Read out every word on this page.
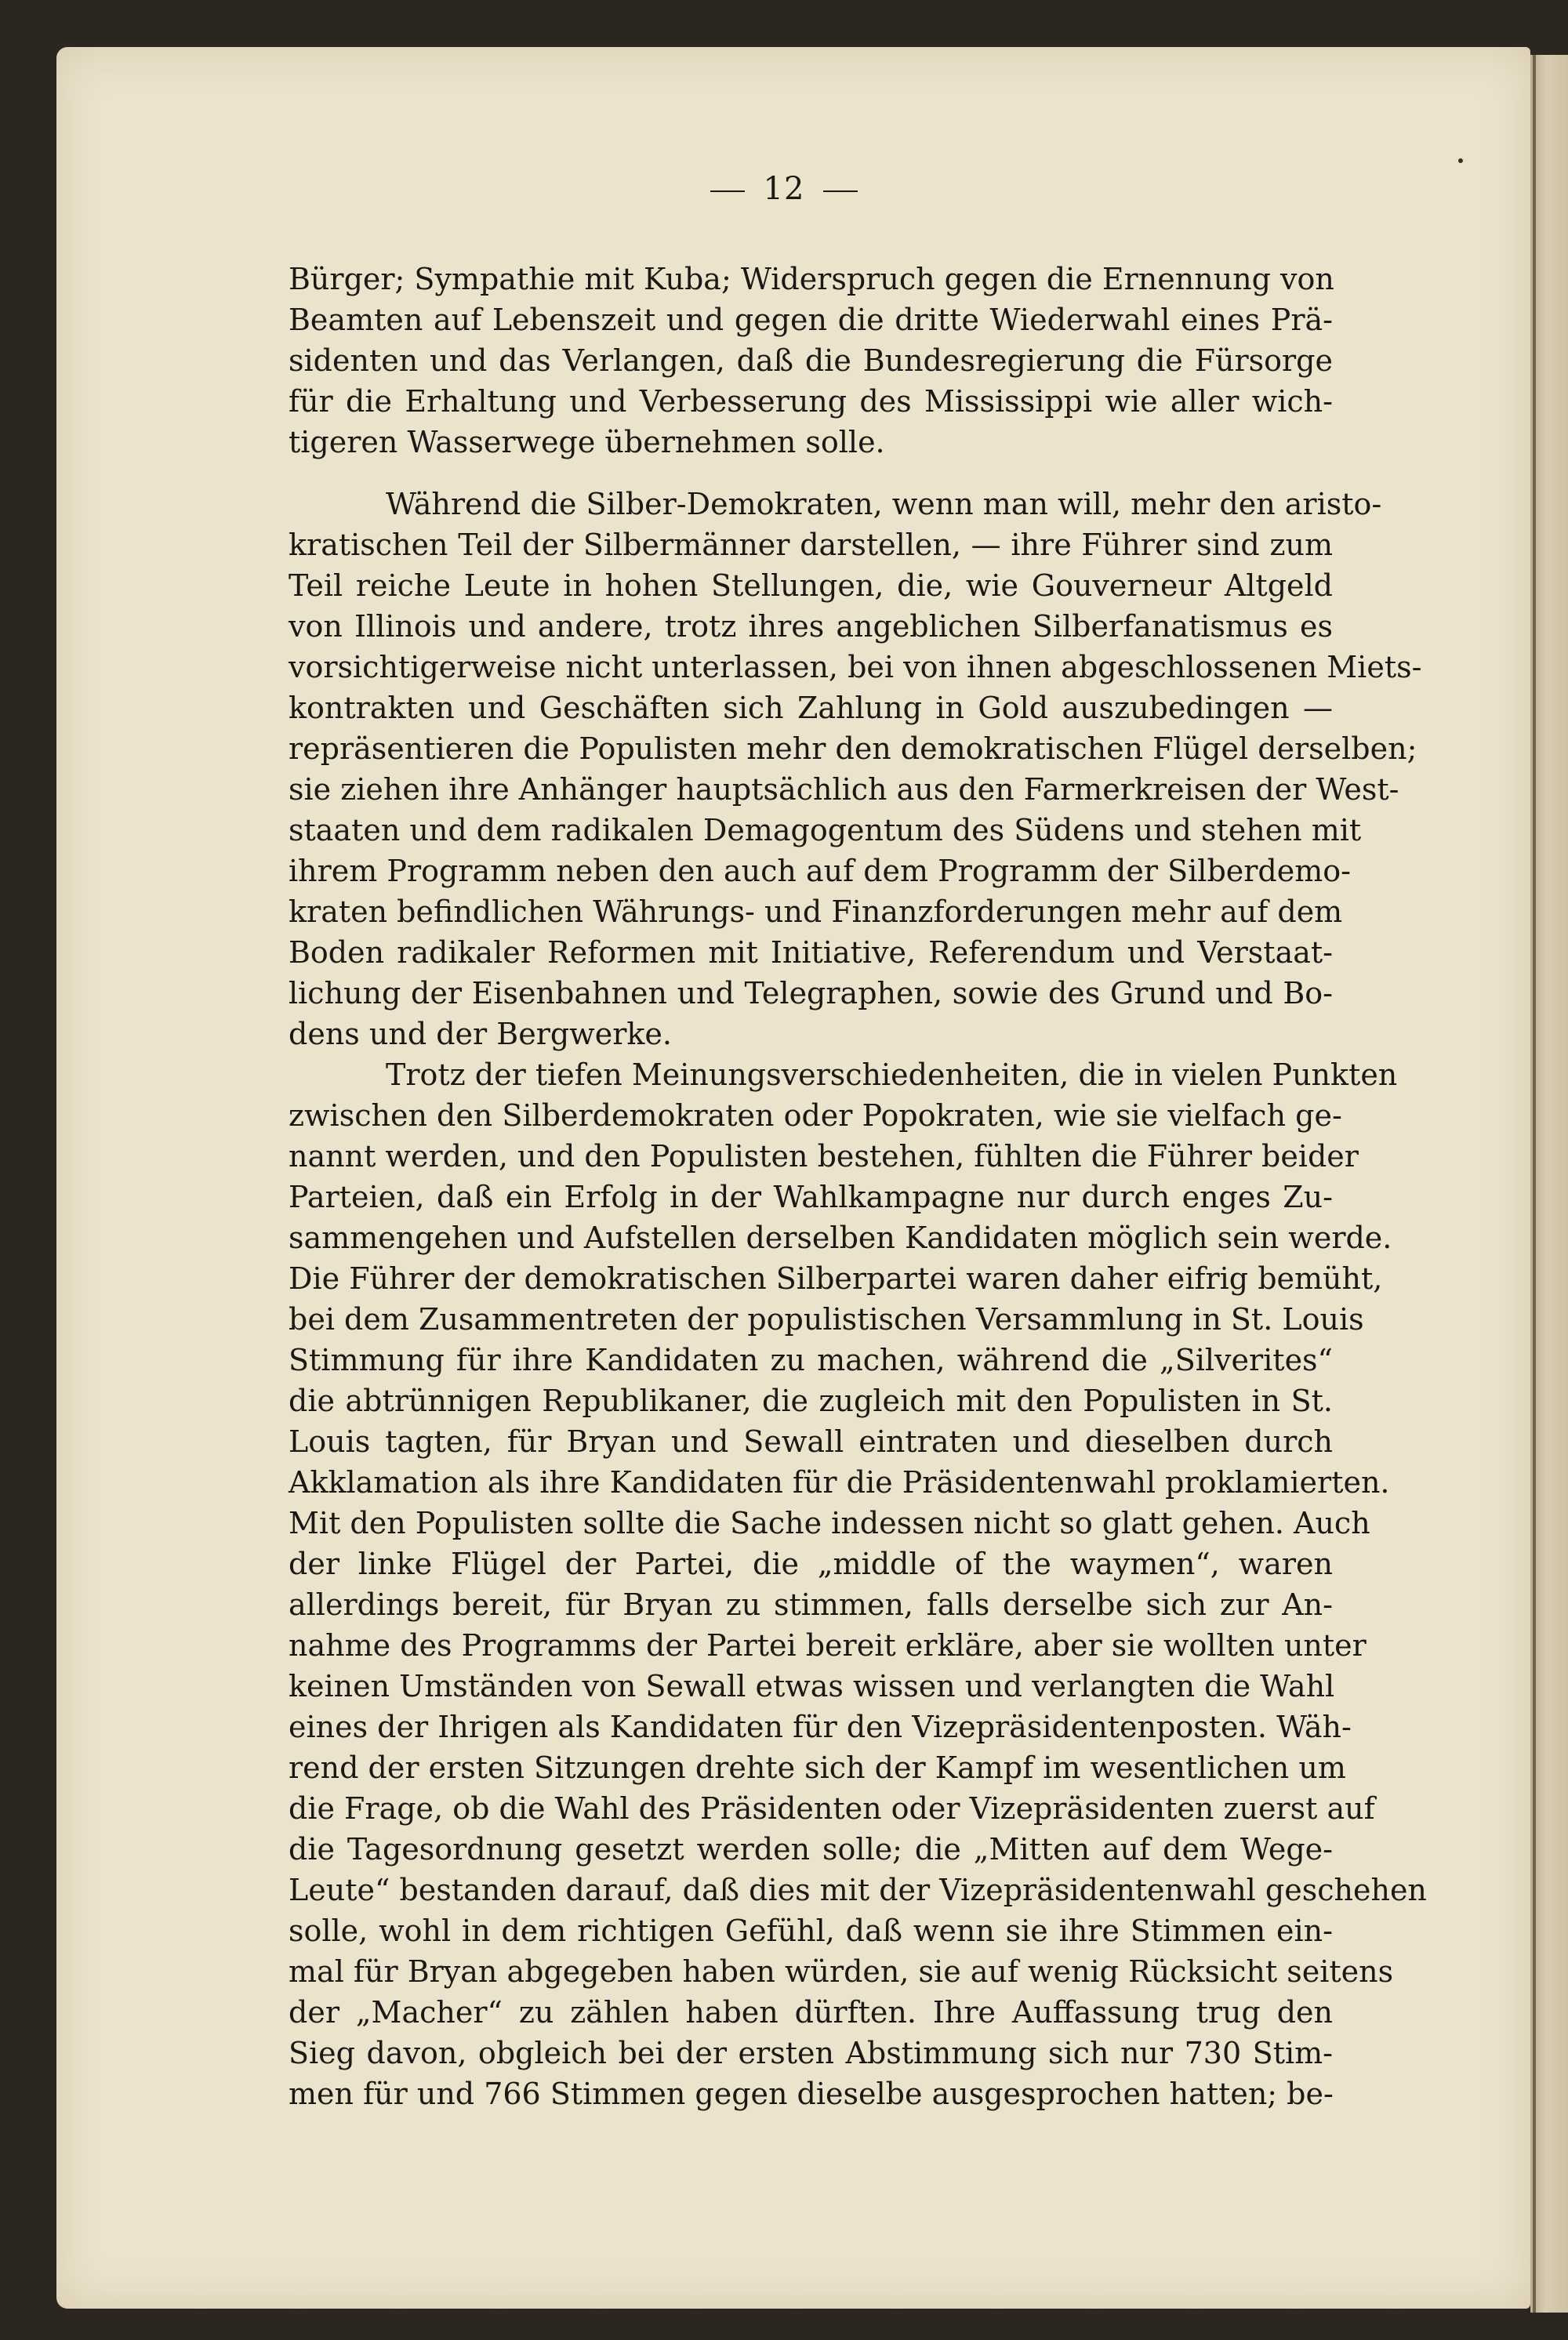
12
Bürger; Sympathie mit Kuba; Widerspruch gegen die Ernennung von
Beamten auf Lebenszeit und gegen die dritte Wiederwahl eines Prä-
sidenten und das Verlangen, daß die Bundesregierung die Fürsorge
für die Erhaltung und Verbesserung des Mississippi wie aller wich-
tigeren Wasserwege übernehmen solle.
Während die Silber-Demokraten, wenn man will, mehr den aristo-
kratischen Teil der Silbermänner darstellen, — ihre Führer sind zum
Teil reiche Leute in hohen Stellungen, die, wie Gouverneur Altgeld
von Illinois und andere, trotz ihres angeblichen Silberfanatismus es
vorsichtigerweise nicht unterlassen, bei von ihnen abgeschlossenen Miets-
kontrakten und Geschäften sich Zahlung in Gold auszubedingen —
repräsentieren die Populisten mehr den demokratischen Flügel derselben;
sie ziehen ihre Anhänger hauptsächlich aus den Farmerkreisen der West-
staaten und dem radikalen Demagogentum des Südens und stehen mit
ihrem Programm neben den auch auf dem Programm der Silberdemo-
kraten befindlichen Währungs- und Finanzforderungen mehr auf dem
Boden radikaler Reformen mit Initiative, Referendum und Verstaat-
lichung der Eisenbahnen und Telegraphen, sowie des Grund und Bo-
dens und der Bergwerke.
Trotz der tiefen Meinungsverschiedenheiten, die in vielen Punkten
zwischen den Silberdemokraten oder Popokraten, wie sie vielfach ge-
nannt werden, und den Populisten bestehen, fühlten die Führer beider
Parteien, daß ein Erfolg in der Wahlkampagne nur durch enges Zu-
sammengehen und Aufstellen derselben Kandidaten möglich sein werde.
Die Führer der demokratischen Silberpartei waren daher eifrig bemüht,
bei dem Zusammentreten der populistischen Versammlung in St. Louis
Stimmung für ihre Kandidaten zu machen, während die „Silverites“
die abtrünnigen Republikaner, die zugleich mit den Populisten in St.
Louis tagten, für Bryan und Sewall eintraten und dieselben durch
Akklamation als ihre Kandidaten für die Präsidentenwahl proklamierten.
Mit den Populisten sollte die Sache indessen nicht so glatt gehen. Auch
der linke Flügel der Partei, die „middle of the waymen“, waren
allerdings bereit, für Bryan zu stimmen, falls derselbe sich zur An-
nahme des Programms der Partei bereit erkläre, aber sie wollten unter
keinen Umständen von Sewall etwas wissen und verlangten die Wahl
eines der Ihrigen als Kandidaten für den Vizepräsidentenposten. Wäh-
rend der ersten Sitzungen drehte sich der Kampf im wesentlichen um
die Frage, ob die Wahl des Präsidenten oder Vizepräsidenten zuerst auf
die Tagesordnung gesetzt werden solle; die „Mitten auf dem Wege-
Leute“ bestanden darauf, daß dies mit der Vizepräsidentenwahl geschehen
solle, wohl in dem richtigen Gefühl, daß wenn sie ihre Stimmen ein-
mal für Bryan abgegeben haben würden, sie auf wenig Rücksicht seitens
der „Macher“ zu zählen haben dürften. Ihre Auffassung trug den
Sieg davon, obgleich bei der ersten Abstimmung sich nur 730 Stim-
men für und 766 Stimmen gegen dieselbe ausgesprochen hatten; be-
